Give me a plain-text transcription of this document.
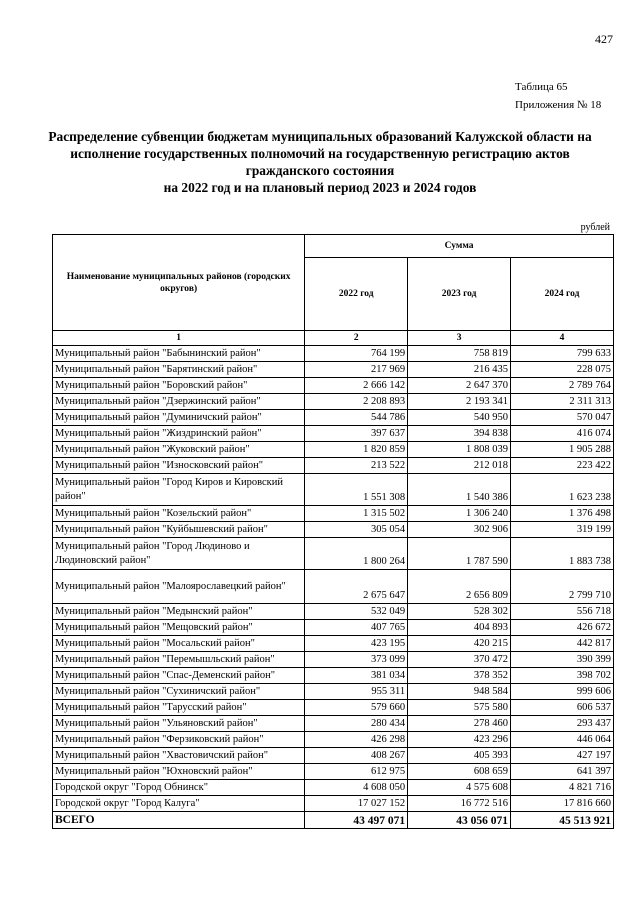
427
Таблица 65
Приложения № 18
Распределение субвенции бюджетам муниципальных образований Калужской области на
исполнение государственных полномочий на государственную регистрацию актов
гражданского состояния
на 2022 год и на плановый период 2023 и 2024 годов
рублей
Наименование муниципальных районов (городских округов)	Сумма		
	2022 год	2023 год	2024 год
1	2	3	4
Муниципальный район "Бабынинский район"	764 199	758 819	799 633
Муниципальный район "Барятинский район"	217 969	216 435	228 075
Муниципальный район "Боровский район"	2 666 142	2 647 370	2 789 764
Муниципальный район "Дзержинский район"	2 208 893	2 193 341	2 311 313
Муниципальный район "Думиничский район"	544 786	540 950	570 047
Муниципальный район "Жиздринский район"	397 637	394 838	416 074
Муниципальный район "Жуковский район"	1 820 859	1 808 039	1 905 288
Муниципальный район "Износковский район"	213 522	212 018	223 422
Муниципальный район "Город Киров и Кировский район"	1 551 308	1 540 386	1 623 238
Муниципальный район "Козельский район"	1 315 502	1 306 240	1 376 498
Муниципальный район "Куйбышевский район"	305 054	302 906	319 199
Муниципальный район "Город Людиново и Людиновский район"	1 800 264	1 787 590	1 883 738
Муниципальный район "Малоярославецкий район"	2 675 647	2 656 809	2 799 710
Муниципальный район "Медынский район"	532 049	528 302	556 718
Муниципальный район "Мещовский район"	407 765	404 893	426 672
Муниципальный район "Мосальский район"	423 195	420 215	442 817
Муниципальный район "Перемышльский район"	373 099	370 472	390 399
Муниципальный район "Спас-Деменский район"	381 034	378 352	398 702
Муниципальный район "Сухиничский район"	955 311	948 584	999 606
Муниципальный район "Тарусский район"	579 660	575 580	606 537
Муниципальный район "Ульяновский район"	280 434	278 460	293 437
Муниципальный район "Ферзиковский район"	426 298	423 296	446 064
Муниципальный район "Хвастовичский район"	408 267	405 393	427 197
Муниципальный район "Юхновский район"	612 975	608 659	641 397
Городской округ "Город Обнинск"	4 608 050	4 575 608	4 821 716
Городской округ "Город Калуга"	17 027 152	16 772 516	17 816 660
ВСЕГО	43 497 071	43 056 071	45 513 921
